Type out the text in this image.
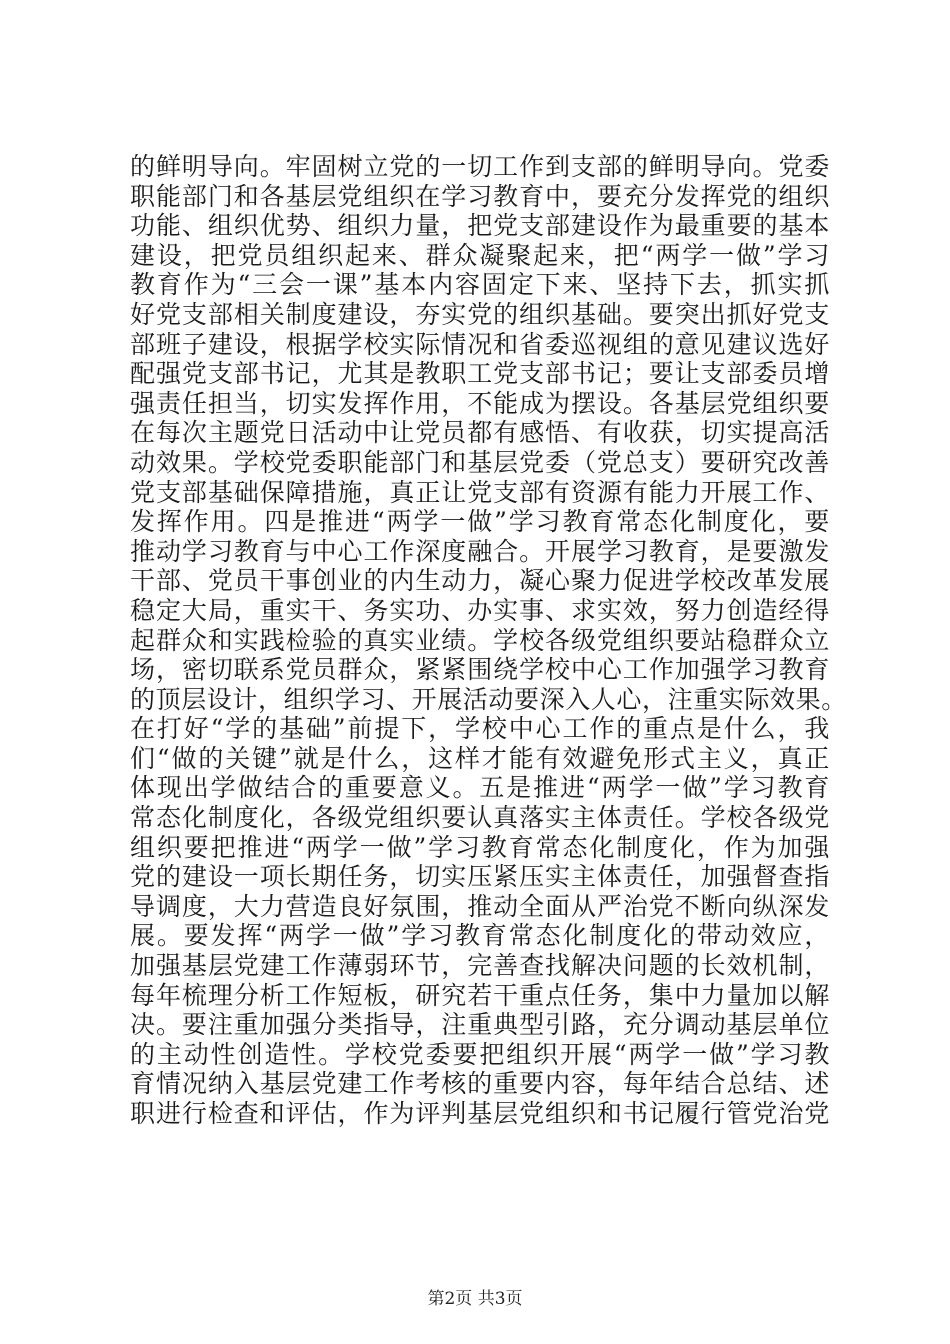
的鲜明导向。牢固树立党的一切工作到支部的鲜明导向。党委
职能部门和各基层党组织在学习教育中，要充分发挥党的组织
功能、组织优势、组织力量，把党支部建设作为最重要的基本
建设，把党员组织起来、群众凝聚起来，把“两学一做”学习
教育作为“三会一课”基本内容固定下来、坚持下去，抓实抓
好党支部相关制度建设，夯实党的组织基础。要突出抓好党支
部班子建设，根据学校实际情况和省委巡视组的意见建议选好
配强党支部书记，尤其是教职工党支部书记；要让支部委员增
强责任担当，切实发挥作用，不能成为摆设。各基层党组织要
在每次主题党日活动中让党员都有感悟、有收获，切实提高活
动效果。学校党委职能部门和基层党委（党总支）要研究改善
党支部基础保障措施，真正让党支部有资源有能力开展工作、
发挥作用。四是推进“两学一做”学习教育常态化制度化，要
推动学习教育与中心工作深度融合。开展学习教育，是要激发
干部、党员干事创业的内生动力，凝心聚力促进学校改革发展
稳定大局，重实干、务实功、办实事、求实效，努力创造经得
起群众和实践检验的真实业绩。学校各级党组织要站稳群众立
场，密切联系党员群众，紧紧围绕学校中心工作加强学习教育
的顶层设计，组织学习、开展活动要深入人心，注重实际效果。
在打好“学的基础”前提下，学校中心工作的重点是什么，我
们“做的关键”就是什么，这样才能有效避免形式主义，真正
体现出学做结合的重要意义。五是推进“两学一做”学习教育
常态化制度化，各级党组织要认真落实主体责任。学校各级党
组织要把推进“两学一做”学习教育常态化制度化，作为加强
党的建设一项长期任务，切实压紧压实主体责任，加强督查指
导调度，大力营造良好氛围，推动全面从严治党不断向纵深发
展。要发挥“两学一做”学习教育常态化制度化的带动效应，
加强基层党建工作薄弱环节，完善查找解决问题的长效机制，
每年梳理分析工作短板，研究若干重点任务，集中力量加以解
决。要注重加强分类指导，注重典型引路，充分调动基层单位
的主动性创造性。学校党委要把组织开展“两学一做”学习教
育情况纳入基层党建工作考核的重要内容，每年结合总结、述
职进行检查和评估，作为评判基层党组织和书记履行管党治党
第2页 共3页
